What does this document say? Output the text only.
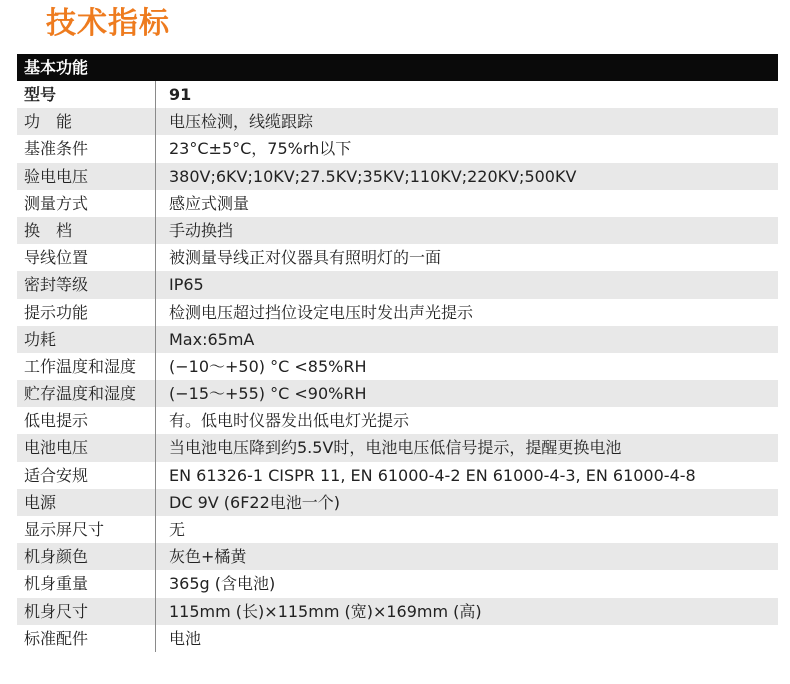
技术指标
基本功能
型号	91
功　能	电压检测，线缆跟踪
基准条件	23°C±5°C，75%rh以下
验电电压	380V;6KV;10KV;27.5KV;35KV;110KV;220KV;500KV
测量方式	感应式测量
换　档	手动换挡
导线位置	被测量导线正对仪器具有照明灯的一面
密封等级	IP65
提示功能	检测电压超过挡位设定电压时发出声光提示
功耗	Max:65mA
工作温度和湿度	(−10〜+50) °C <85%RH
贮存温度和湿度	(−15〜+55) °C <90%RH
低电提示	有。低电时仪器发出低电灯光提示
电池电压	当电池电压降到约5.5V时，电池电压低信号提示，提醒更换电池
适合安规	EN 61326-1 CISPR 11, EN 61000-4-2 EN 61000-4-3, EN 61000-4-8
电源	DC 9V (6F22电池一个)
显示屏尺寸	无
机身颜色	灰色+橘黄
机身重量	365g (含电池)
机身尺寸	115mm (长)×115mm (宽)×169mm (高)
标准配件	电池
